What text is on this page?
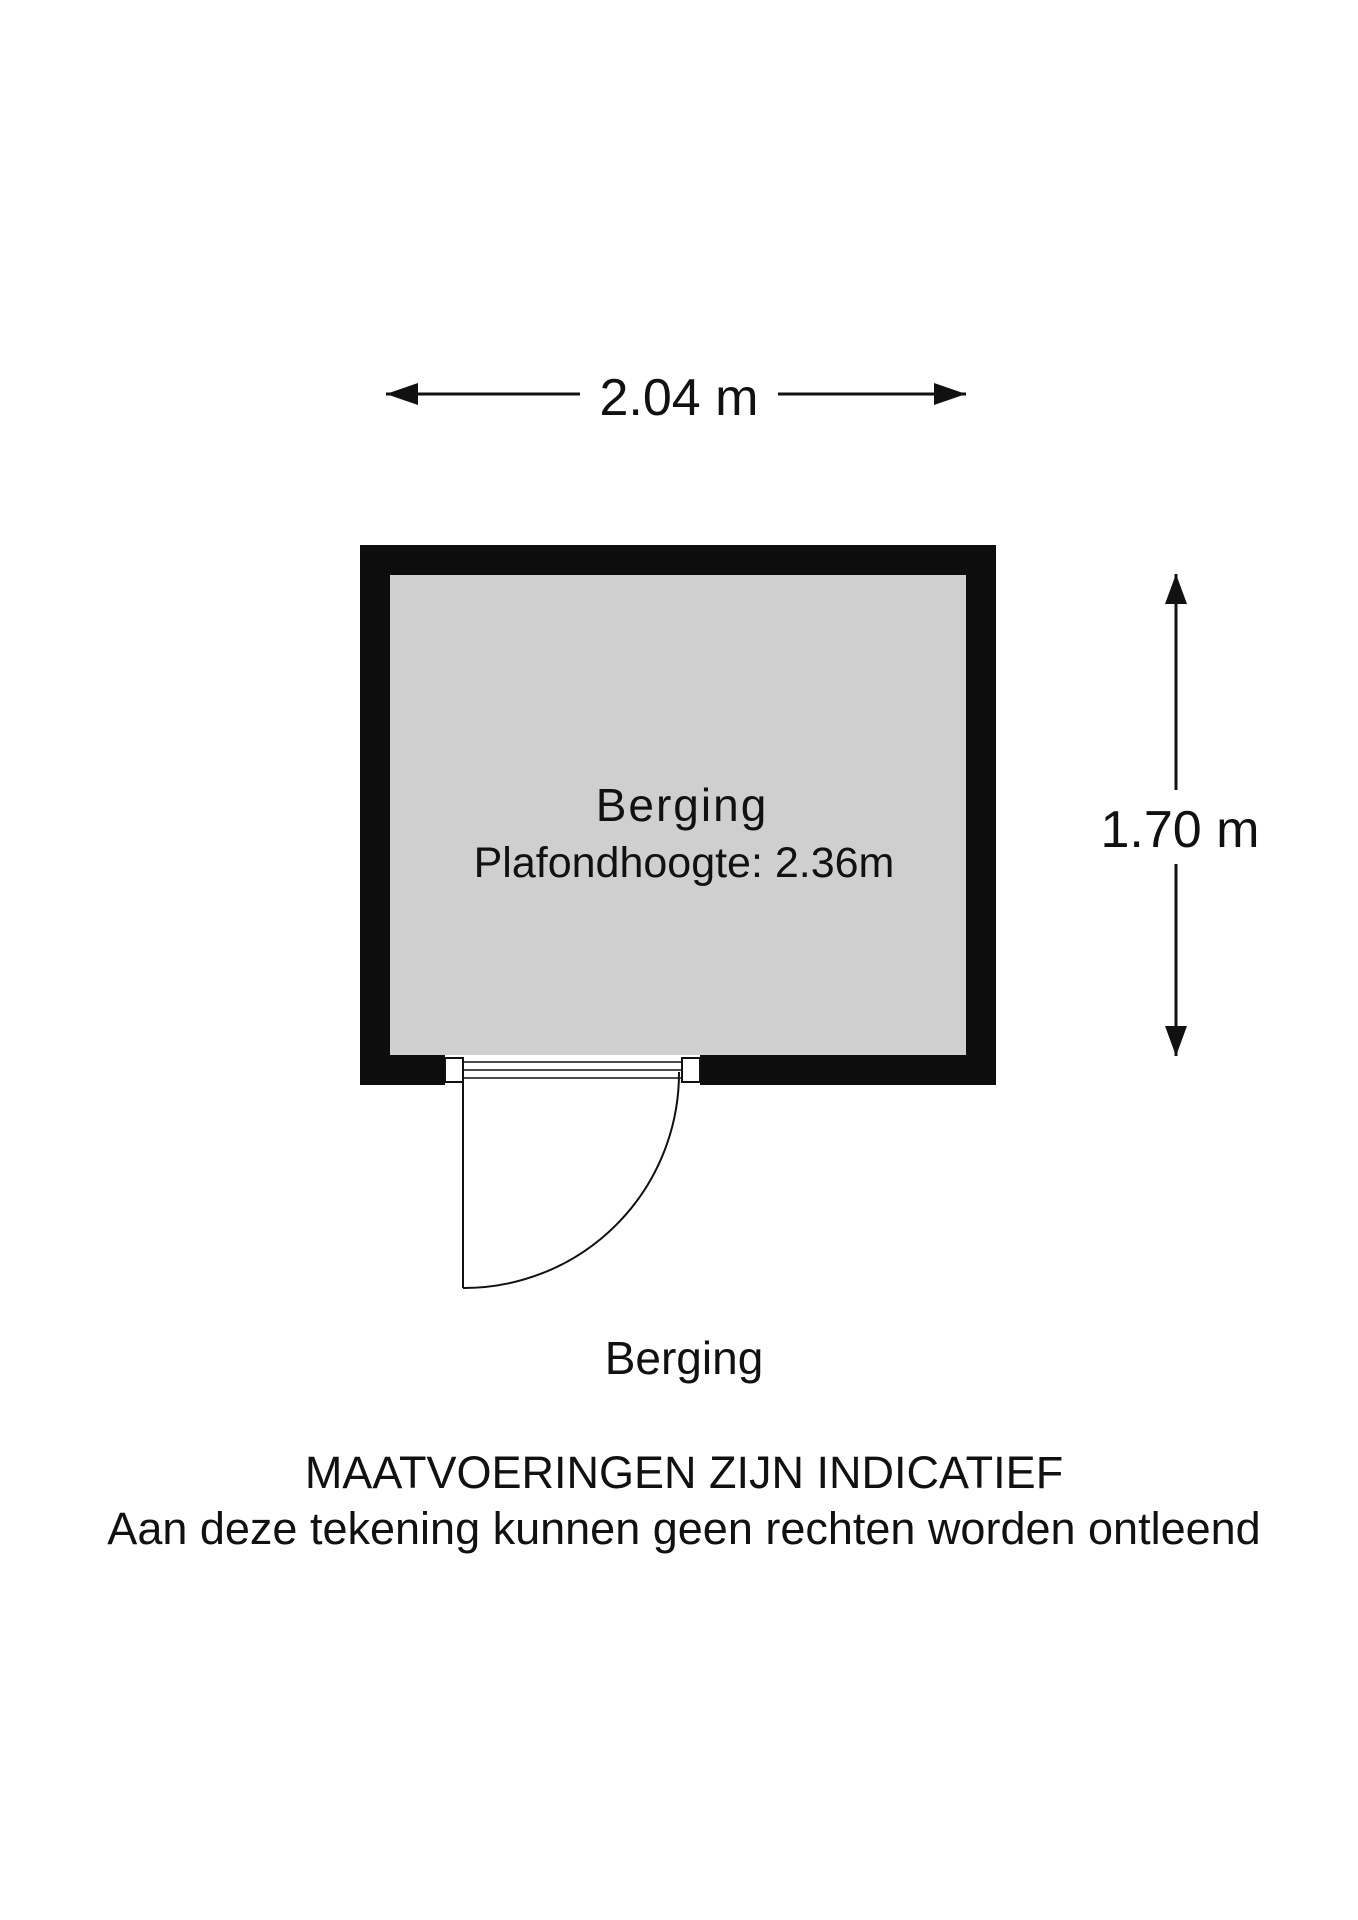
2.04 m
1.70 m
Berging
Plafondhoogte: 2.36m
Berging
MAATVOERINGEN ZIJN INDICATIEF
Aan deze tekening kunnen geen rechten worden ontleend
